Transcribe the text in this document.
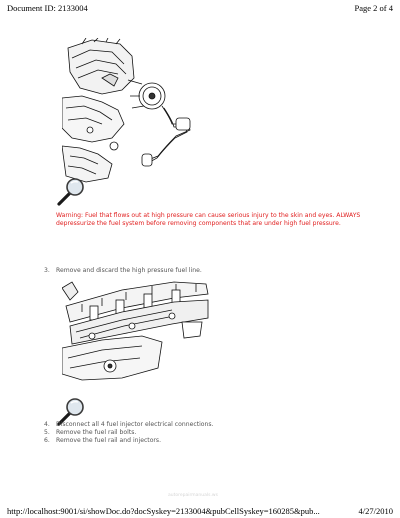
Document ID: 2133004	Page 2 of 4
Warning: Fuel that flows out at high pressure can cause serious injury to the skin and eyes. ALWAYS depressurize the fuel system before removing components that are under high fuel pressure.
3. Remove and discard the high pressure fuel line.
4. Disconnect all 4 fuel injector electrical connections.
5. Remove the fuel rail bolts.
6. Remove the fuel rail and injectors.
autorepairmanuals.ws
http://localhost:9001/si/showDoc.do?docSyskey=2133004&pubCellSyskey=160285&pub...	4/27/2010
